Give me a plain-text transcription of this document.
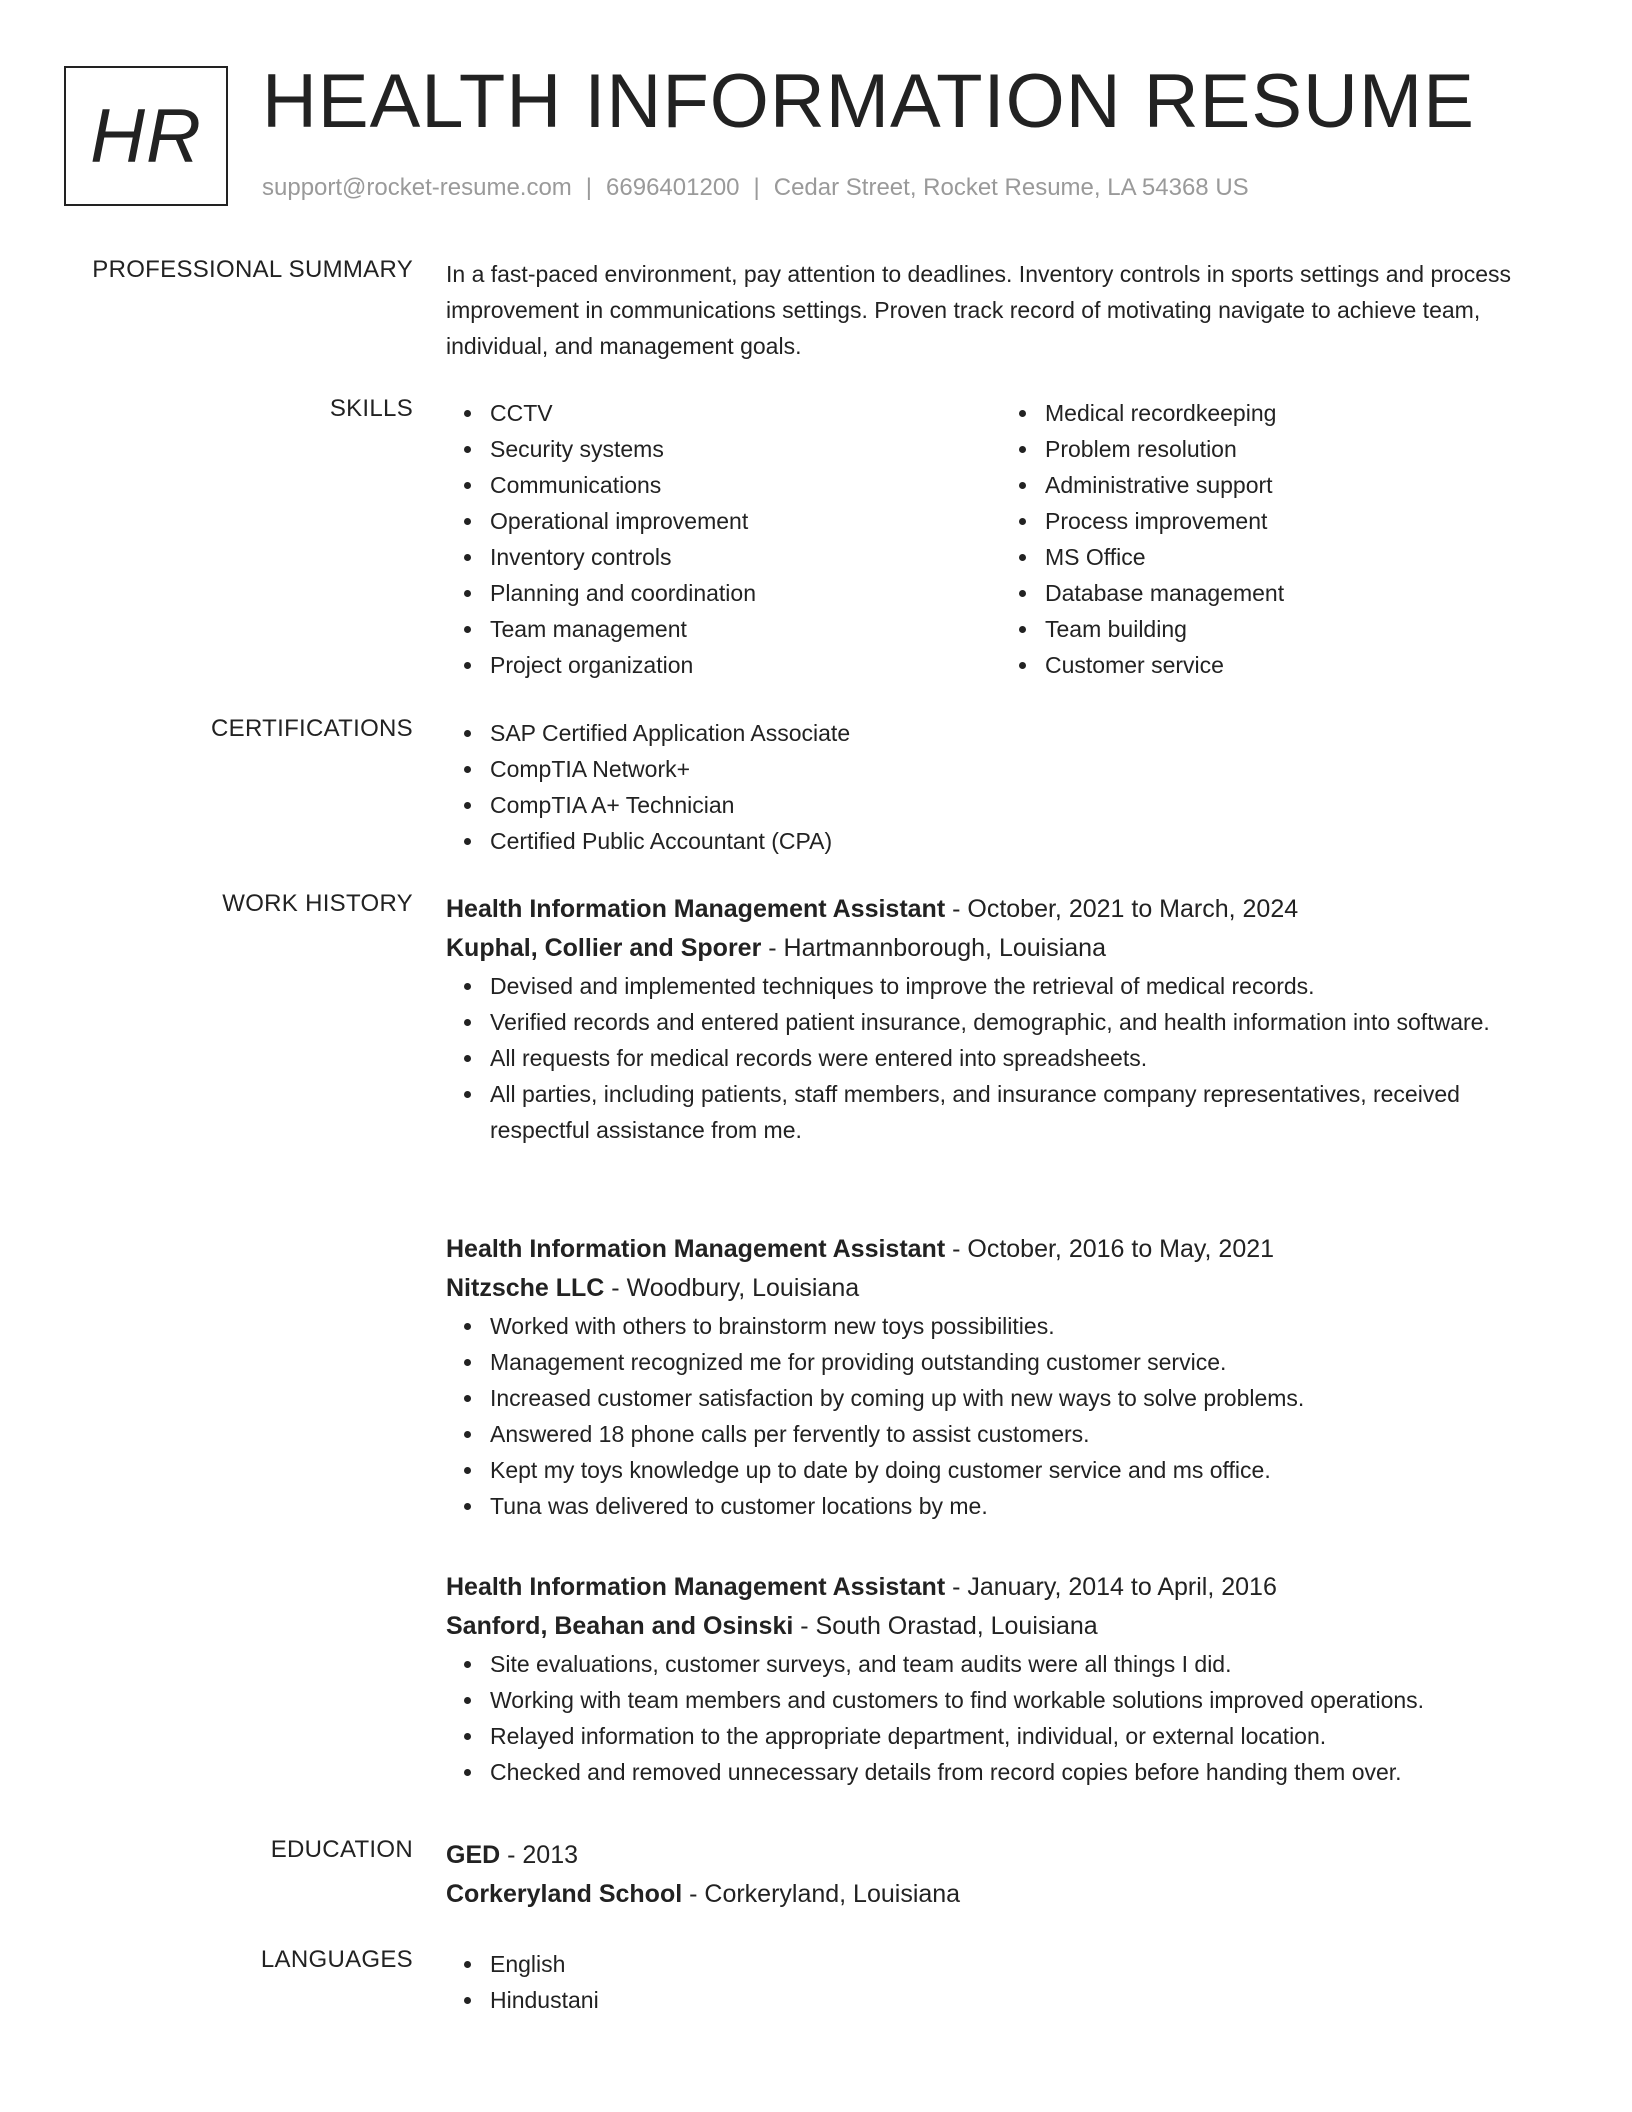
HR HEALTH INFORMATION RESUME
support@rocket-resume.com | 6696401200 | Cedar Street, Rocket Resume, LA 54368 US
PROFESSIONAL SUMMARY In a fast-paced environment, pay attention to deadlines. Inventory controls in sports settings and process improvement in communications settings. Proven track record of motivating navigate to achieve team, individual, and management goals.

SKILLS	CCTV
Security systems
Communications
Operational improvement
Inventory controls
Planning and coordination
Team management
Project organization
Medical recordkeeping
Problem resolution
Administrative support
Process improvement
MS Office
Database management
Team building
Customer service
CERTIFICATIONS	SAP Certified Application Associate
CompTIA Network+
CompTIA A+ Technician
Certified Public Accountant (CPA)
WORK HISTORY Health Information Management Assistant - October, 2021 to March, 2024
Kuphal, Collier and Sporer - Hartmannborough, Louisiana
Devised and implemented techniques to improve the retrieval of medical records.
Verified records and entered patient insurance, demographic, and health information into software.
All requests for medical records were entered into spreadsheets.
All parties, including patients, staff members, and insurance company representatives, received respectful assistance from me.
Health Information Management Assistant - October, 2016 to May, 2021
Nitzsche LLC - Woodbury, Louisiana
Worked with others to brainstorm new toys possibilities.
Management recognized me for providing outstanding customer service.
Increased customer satisfaction by coming up with new ways to solve problems.
Answered 18 phone calls per fervently to assist customers.
Kept my toys knowledge up to date by doing customer service and ms office.
Tuna was delivered to customer locations by me.
Health Information Management Assistant - January, 2014 to April, 2016
Sanford, Beahan and Osinski - South Orastad, Louisiana
Site evaluations, customer surveys, and team audits were all things I did.
Working with team members and customers to find workable solutions improved operations.
Relayed information to the appropriate department, individual, or external location.
Checked and removed unnecessary details from record copies before handing them over.
EDUCATION GED - 2013
Corkeryland School - Corkeryland, Louisiana
LANGUAGES	English
Hindustani
